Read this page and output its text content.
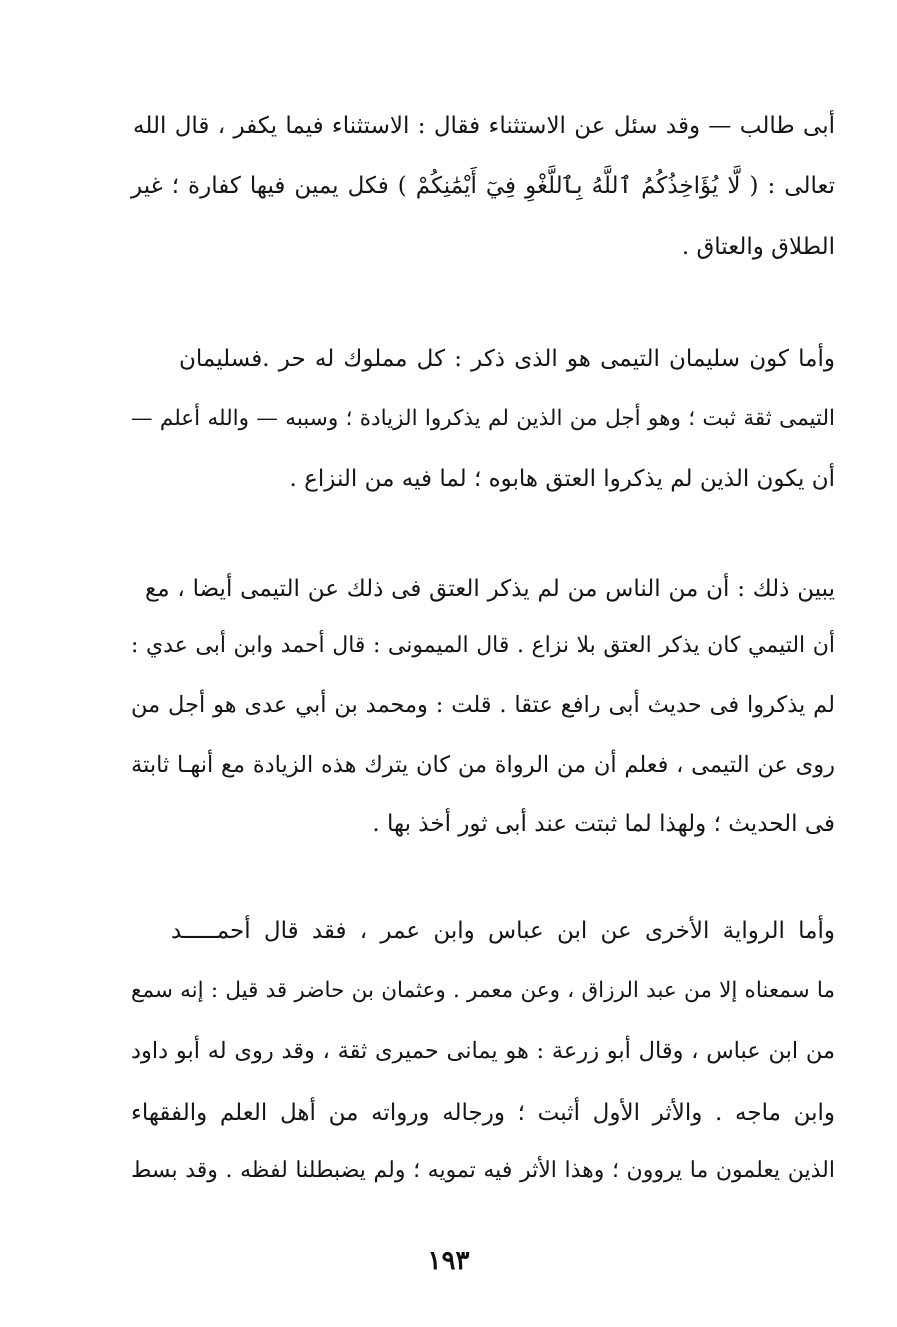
أبى طالب — وقد سئل عن الاستثناء فقال : الاستثناء فيما يكفر ، قال الله
تعالى : ( لَّا يُؤَاخِذُكُمُ ٱللَّهُ بِٱللَّغْوِ فِيٓ أَيْمَٰنِكُمْ ) فكل يمين فيها كفارة ؛ غير
الطلاق والعتاق .
وأما كون سليمان التيمى هو الذى ذكر : كل مملوك له حر .فسليمان
التيمى ثقة ثبت ؛ وهو أجل من الذين لم يذكروا الزيادة ؛ وسببه — والله أعلم —
أن يكون الذين لم يذكروا العتق هابوه ؛ لما فيه من النزاع .
يبين ذلك : أن من الناس من لم يذكر العتق فى ذلك عن التيمى أيضا ، مع
أن التيمي كان يذكر العتق بلا نزاع . قال الميمونى : قال أحمد وابن أبى عدي :
لم يذكروا فى حديث أبى رافع عتقا . قلت : ومحمد بن أبي عدى هو أجل من
روى عن التيمى ، فعلم أن من الرواة من كان يترك هذه الزيادة مع أنهـا ثابتة
فى الحديث ؛ ولهذا لما ثبتت عند أبى ثور أخذ بها .
وأما الرواية الأخرى عن ابن عباس وابن عمر ، فقد قال أحمـــــد
ما سمعناه إلا من عبد الرزاق ، وعن معمر . وعثمان بن حاضر قد قيل : إنه سمع
من ابن عباس ، وقال أبو زرعة : هو يمانى حميرى ثقة ، وقد روى له أبو داود
وابن ماجه . والأثر الأول أثبت ؛ ورجاله ورواته من أهل العلم والفقهاء
الذين يعلمون ما يروون ؛ وهذا الأثر فيه تمويه ؛ ولم يضبطلنا لفظه . وقد بسط
١٩٣
